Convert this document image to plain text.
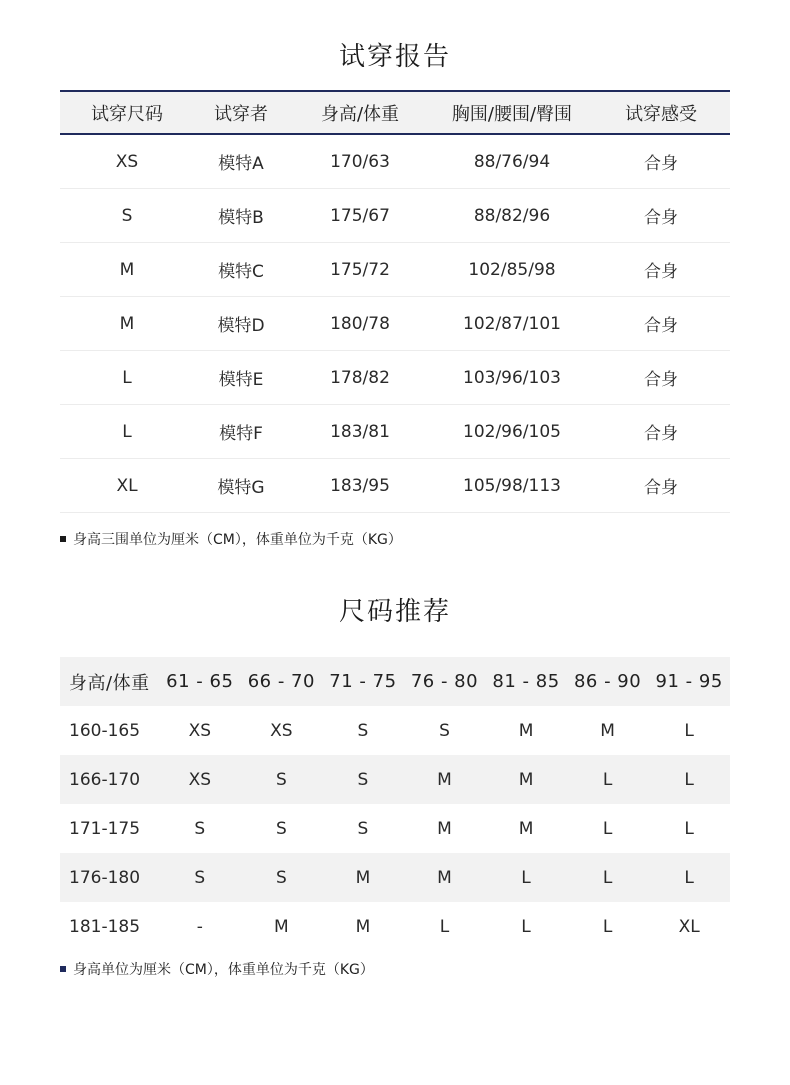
试穿报告
试穿尺码	试穿者	身高/体重	胸围/腰围/臀围	试穿感受
XS	模特A	170/63	88/76/94	合身
S	模特B	175/67	88/82/96	合身
M	模特C	175/72	102/85/98	合身
M	模特D	180/78	102/87/101	合身
L	模特E	178/82	103/96/103	合身
L	模特F	183/81	102/96/105	合身
XL	模特G	183/95	105/98/113	合身
身高三围单位为厘米（CM），体重单位为千克（KG）
尺码推荐
身高/体重 61 - 65 66 - 70 71 - 75 76 - 80 81 - 85 86 - 90 91 - 95
160-165	XS	XS	S	S	M	M	L
166-170	XS	S	S	M	M	L	L
171-175	S	S	S	M	M	L	L
176-180	S	S	M	M	L	L	L
181-185	-	M	M	L	L	L	XL
身高单位为厘米（CM），体重单位为千克（KG）
